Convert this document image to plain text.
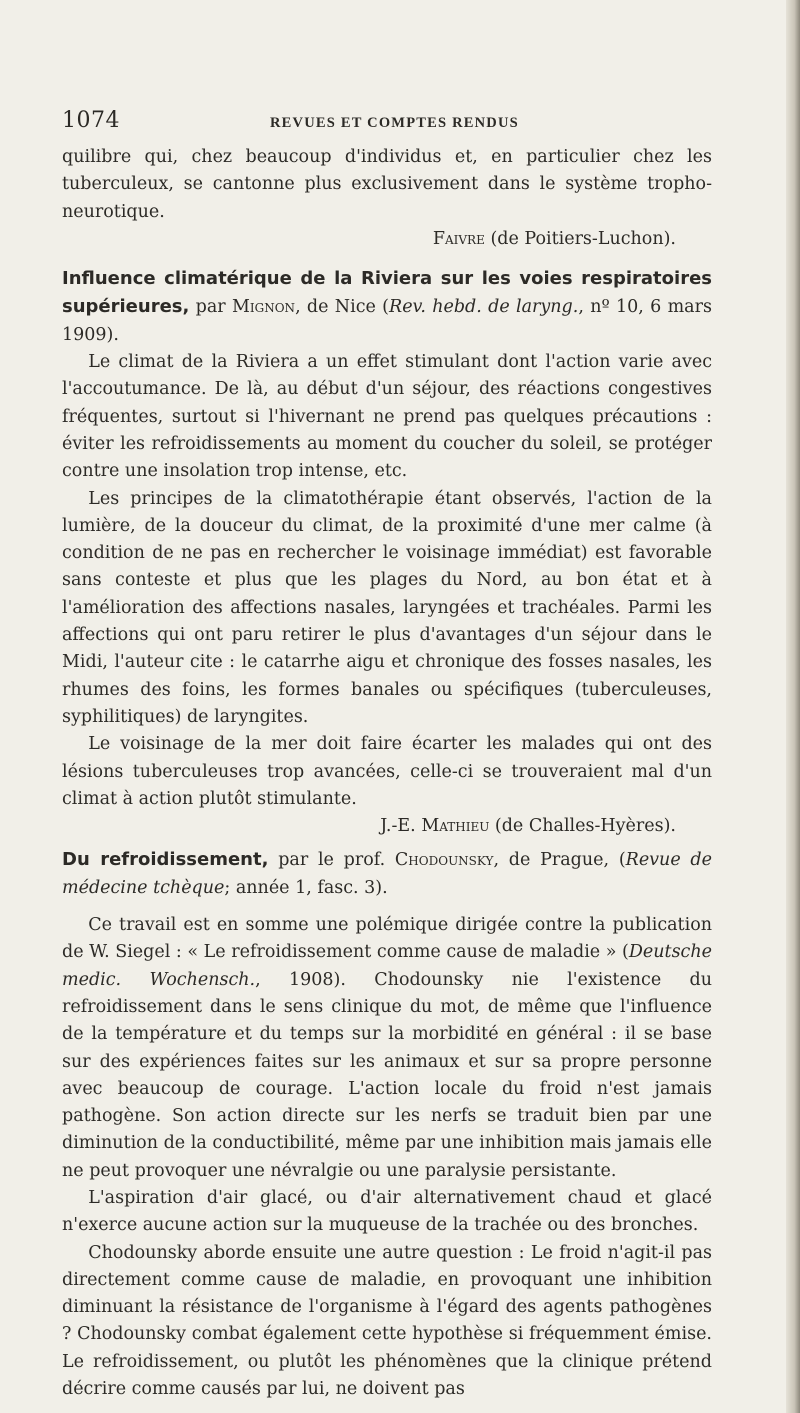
1074	REVUES ET COMPTES RENDUS

quilibre qui, chez beaucoup d'individus et, en particulier chez les tuberculeux, se cantonne plus exclusivement dans le système tropho-neurotique.

Faivre (de Poitiers-Luchon).

Influence climatérique de la Riviera sur les voies respiratoires supérieures, par Mignon, de Nice (Rev. hebd. de laryng., nº 10, 6 mars 1909).

Le climat de la Riviera a un effet stimulant dont l'action varie avec l'accoutumance. De là, au début d'un séjour, des réactions congestives fréquentes, surtout si l'hivernant ne prend pas quelques précautions : éviter les refroidissements au moment du coucher du soleil, se protéger contre une insolation trop intense, etc.

Les principes de la climatothérapie étant observés, l'action de la lumière, de la douceur du climat, de la proximité d'une mer calme (à condition de ne pas en rechercher le voisinage immédiat) est favorable sans conteste et plus que les plages du Nord, au bon état et à l'amélioration des affections nasales, laryngées et trachéales. Parmi les affections qui ont paru retirer le plus d'avantages d'un séjour dans le Midi, l'auteur cite : le catarrhe aigu et chronique des fosses nasales, les rhumes des foins, les formes banales ou spécifiques (tuberculeuses, syphilitiques) de laryngites.

Le voisinage de la mer doit faire écarter les malades qui ont des lésions tuberculeuses trop avancées, celle-ci se trouveraient mal d'un climat à action plutôt stimulante.

J.-E. Mathieu (de Challes-Hyères).

Du refroidissement, par le prof. Chodounsky, de Prague, (Revue de médecine tchèque; année 1, fasc. 3).

Ce travail est en somme une polémique dirigée contre la publication de W. Siegel : « Le refroidissement comme cause de maladie » (Deutsche medic. Wochensch., 1908). Chodounsky nie l'existence du refroidissement dans le sens clinique du mot, de même que l'influence de la température et du temps sur la morbidité en général : il se base sur des expériences faites sur les animaux et sur sa propre personne avec beaucoup de courage. L'action locale du froid n'est jamais pathogène. Son action directe sur les nerfs se traduit bien par une diminution de la conductibilité, même par une inhibition mais jamais elle ne peut provoquer une névralgie ou une paralysie persistante.

L'aspiration d'air glacé, ou d'air alternativement chaud et glacé n'exerce aucune action sur la muqueuse de la trachée ou des bronches.

Chodounsky aborde ensuite une autre question : Le froid n'agit-il pas directement comme cause de maladie, en provoquant une inhibition diminuant la résistance de l'organisme à l'égard des agents pathogènes ? Chodounsky combat également cette hypothèse si fréquemment émise. Le refroidissement, ou plutôt les phénomènes que la clinique prétend décrire comme causés par lui, ne doivent pas
